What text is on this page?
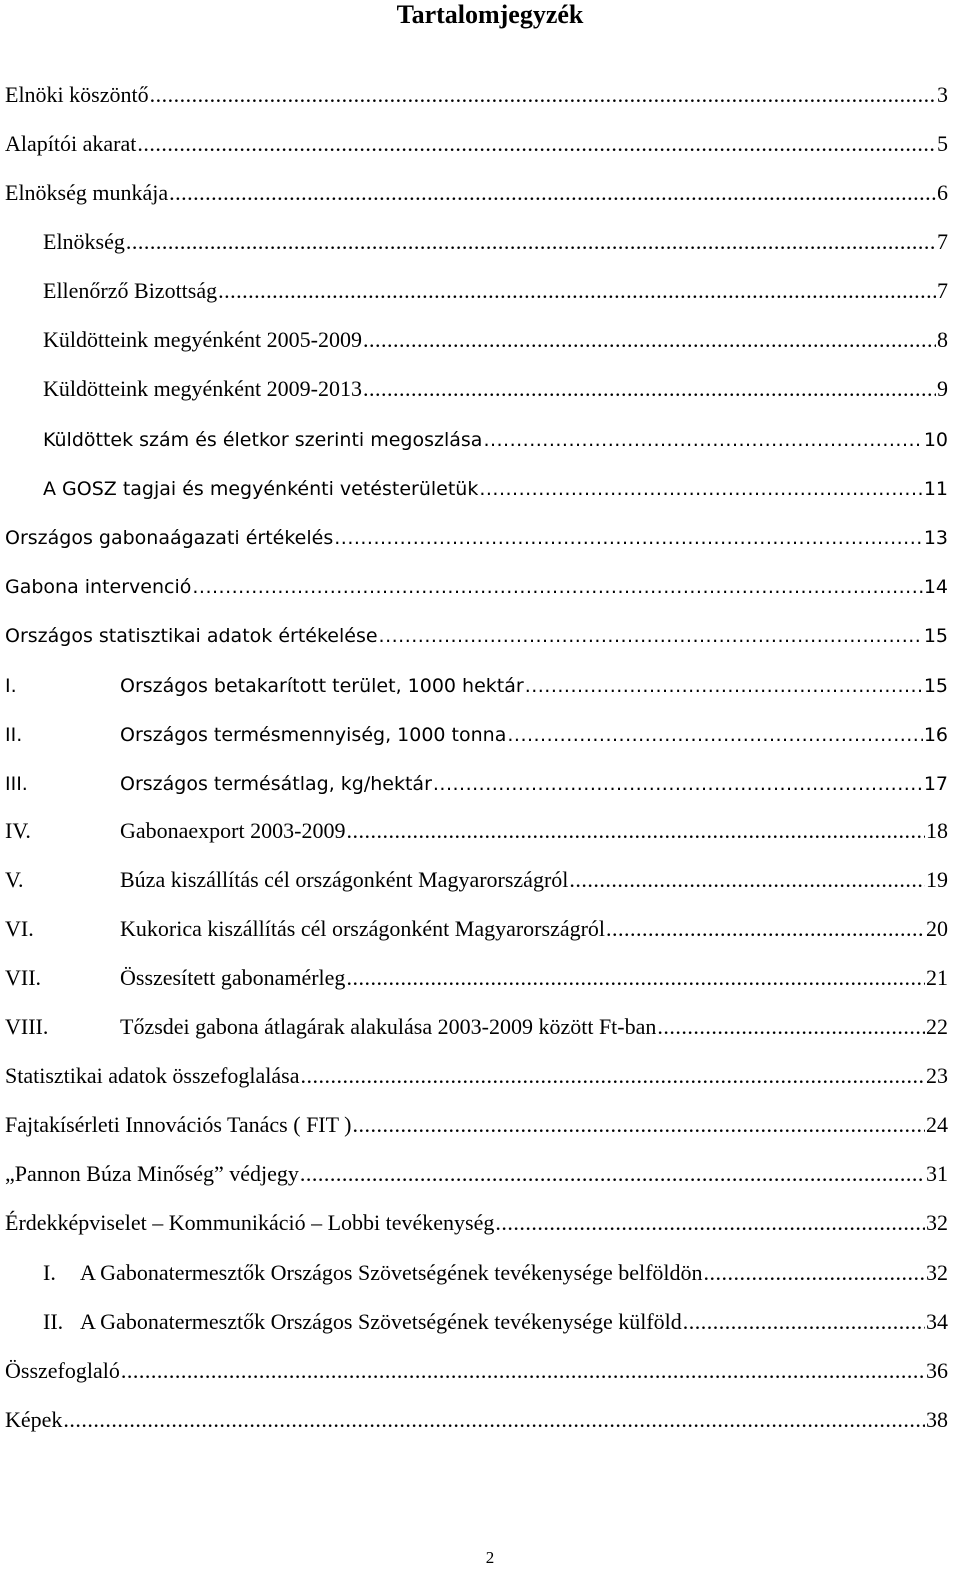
Tartalomjegyzék
Elnöki köszöntő .....	3
Alapítói akarat .....	5
Elnökség munkája .....	6
Elnökség .....	7
Ellenőrző Bizottság .....	7
Küldötteink megyénként 2005-2009 .....	8
Küldötteink megyénként 2009-2013 .....	9
Küldöttek szám és életkor szerinti megoszlása .....	10
A GOSZ tagjai és megyénkénti vetésterületük .....	11
Országos gabonaágazati értékelés .....	13
Gabona intervenció .....	14
Országos statisztikai adatok értékelése .....	15
I.	Országos betakarított terület, 1000 hektár .....	15
II.	Országos termésmennyiség, 1000 tonna .....	16
III.	Országos termésátlag, kg/hektár .....	17
IV.	Gabonaexport 2003-2009 .....	18
V.	Búza kiszállítás cél országonként Magyarországról .....	19
VI.	Kukorica kiszállítás cél országonként Magyarországról .....	20
VII.	Összesített gabonamérleg .....	21
VIII.	Tőzsdei gabona átlagárak alakulása 2003-2009 között Ft-ban .....	22
Statisztikai adatok összefoglalása .....	23
Fajtakísérleti Innovációs Tanács ( FIT ) .....	24
„Pannon Búza Minőség” védjegy .....	31
Érdekképviselet – Kommunikáció – Lobbi tevékenység .....	32
I.	A Gabonatermesztők Országos Szövetségének tevékenysége belföldön .....	32
II. A Gabonatermesztők Országos Szövetségének tevékenysége külföld .....	34
Összefoglaló .....	36
Képek .....	38
2
